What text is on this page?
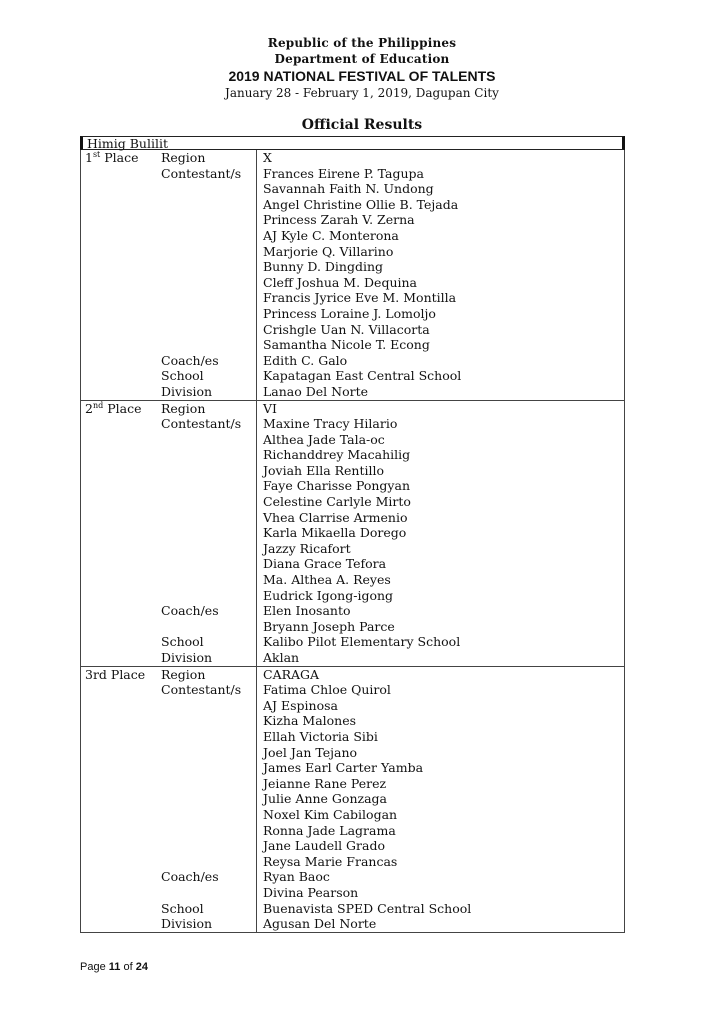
Republic of the Philippines
Department of Education
2019 NATIONAL FESTIVAL OF TALENTS
January 28 - February 1, 2019, Dagupan City
Official Results
Himig Bulilit
1st Place	Region	X
Contestant/s	Frances Eirene P. Tagupa
Savannah Faith N. Undong
Angel Christine Ollie B. Tejada
Princess Zarah V. Zerna
AJ Kyle C. Monterona
Marjorie Q. Villarino
Bunny D. Dingding
Cleff Joshua M. Dequina
Francis Jyrice Eve M. Montilla
Princess Loraine J. Lomoljo
Crishgle Uan N. Villacorta
Samantha Nicole T. Econg
Coach/es	Edith C. Galo
School	Kapatagan East Central School
Division	Lanao Del Norte
2nd Place	Region	VI
Contestant/s	Maxine Tracy Hilario
Althea Jade Tala-oc
Richanddrey Macahilig
Joviah Ella Rentillo
Faye Charisse Pongyan
Celestine Carlyle Mirto
Vhea Clarrise Armenio
Karla Mikaella Dorego
Jazzy Ricafort
Diana Grace Tefora
Ma. Althea A. Reyes
Eudrick Igong-igong
Coach/es	Elen Inosanto
Bryann Joseph Parce
School	Kalibo Pilot Elementary School
Division	Aklan
3rd Place	Region	CARAGA
Contestant/s	Fatima Chloe Quirol
AJ Espinosa
Kizha Malones
Ellah Victoria Sibi
Joel Jan Tejano
James Earl Carter Yamba
Jeianne Rane Perez
Julie Anne Gonzaga
Noxel Kim Cabilogan
Ronna Jade Lagrama
Jane Laudell Grado
Reysa Marie Francas
Coach/es	Ryan Baoc
Divina Pearson
School	Buenavista SPED Central School
Division	Agusan Del Norte
Page 11 of 24
